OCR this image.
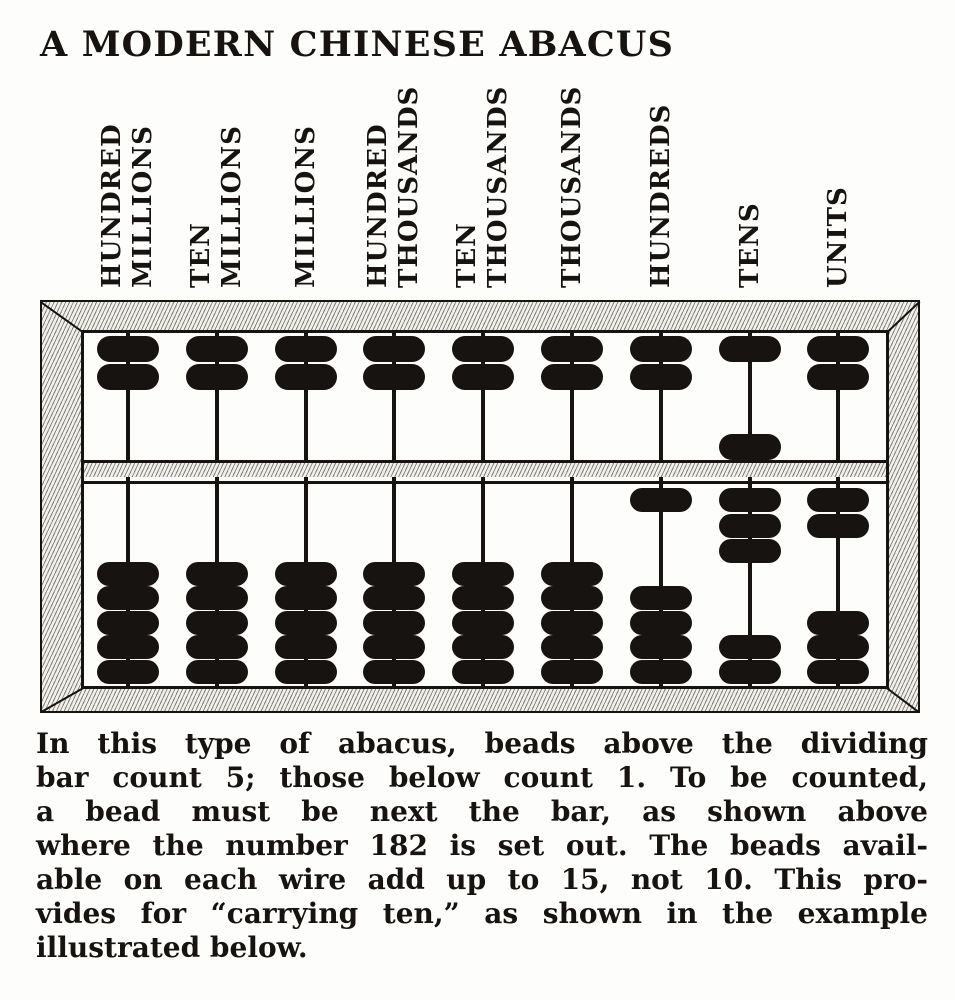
A MODERN CHINESE ABACUS
HUNDRED
MILLIONS TEN
MILLIONS MILLIONS HUNDRED
THOUSANDS TEN
THOUSANDS THOUSANDS HUNDREDS TENS UNITS
In this type of abacus, beads above the dividing
bar count 5; those below count 1. To be counted,
a bead must be next the bar, as shown above
where the number 182 is set out. The beads avail-
able on each wire add up to 15, not 10. This pro-
vides for “carrying ten,” as shown in the example
illustrated below.
